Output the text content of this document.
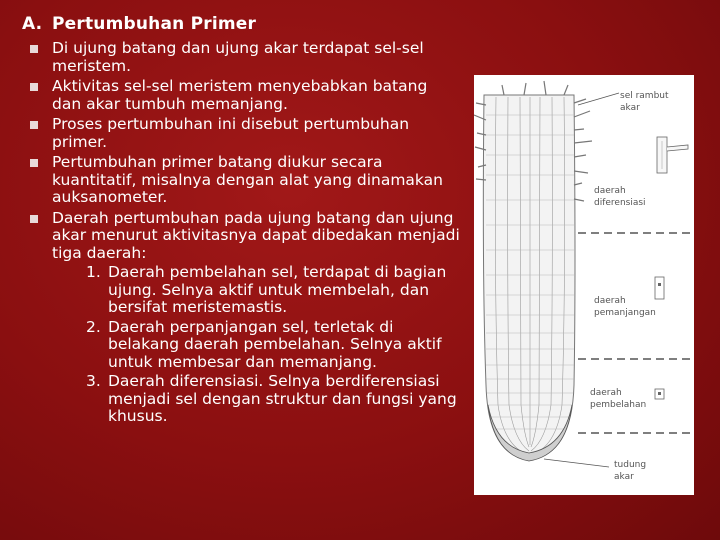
A. Pertumbuhan Primer
Di ujung batang dan ujung akar terdapat sel-sel meristem.
Aktivitas sel-sel meristem menyebabkan batang dan akar tumbuh memanjang.
Proses pertumbuhan ini disebut pertumbuhan primer.
Pertumbuhan primer batang diukur secara kuantitatif, misalnya dengan alat yang dinamakan auksanometer.
Daerah pertumbuhan pada ujung batang dan ujung akar menurut aktivitasnya dapat dibedakan menjadi tiga daerah:
1. Daerah pembelahan sel, terdapat di bagian ujung. Selnya aktif untuk membelah, dan bersifat meristemastis.
2. Daerah perpanjangan sel, terletak di belakang daerah pembelahan. Selnya aktif untuk membesar dan memanjang.
3. Daerah diferensiasi. Selnya berdiferensiasi menjadi sel dengan struktur dan fungsi yang khusus.
sel rambut
akar
daerah
diferensiasi
daerah
pemanjangan
daerah
pembelahan
tudung
akar
